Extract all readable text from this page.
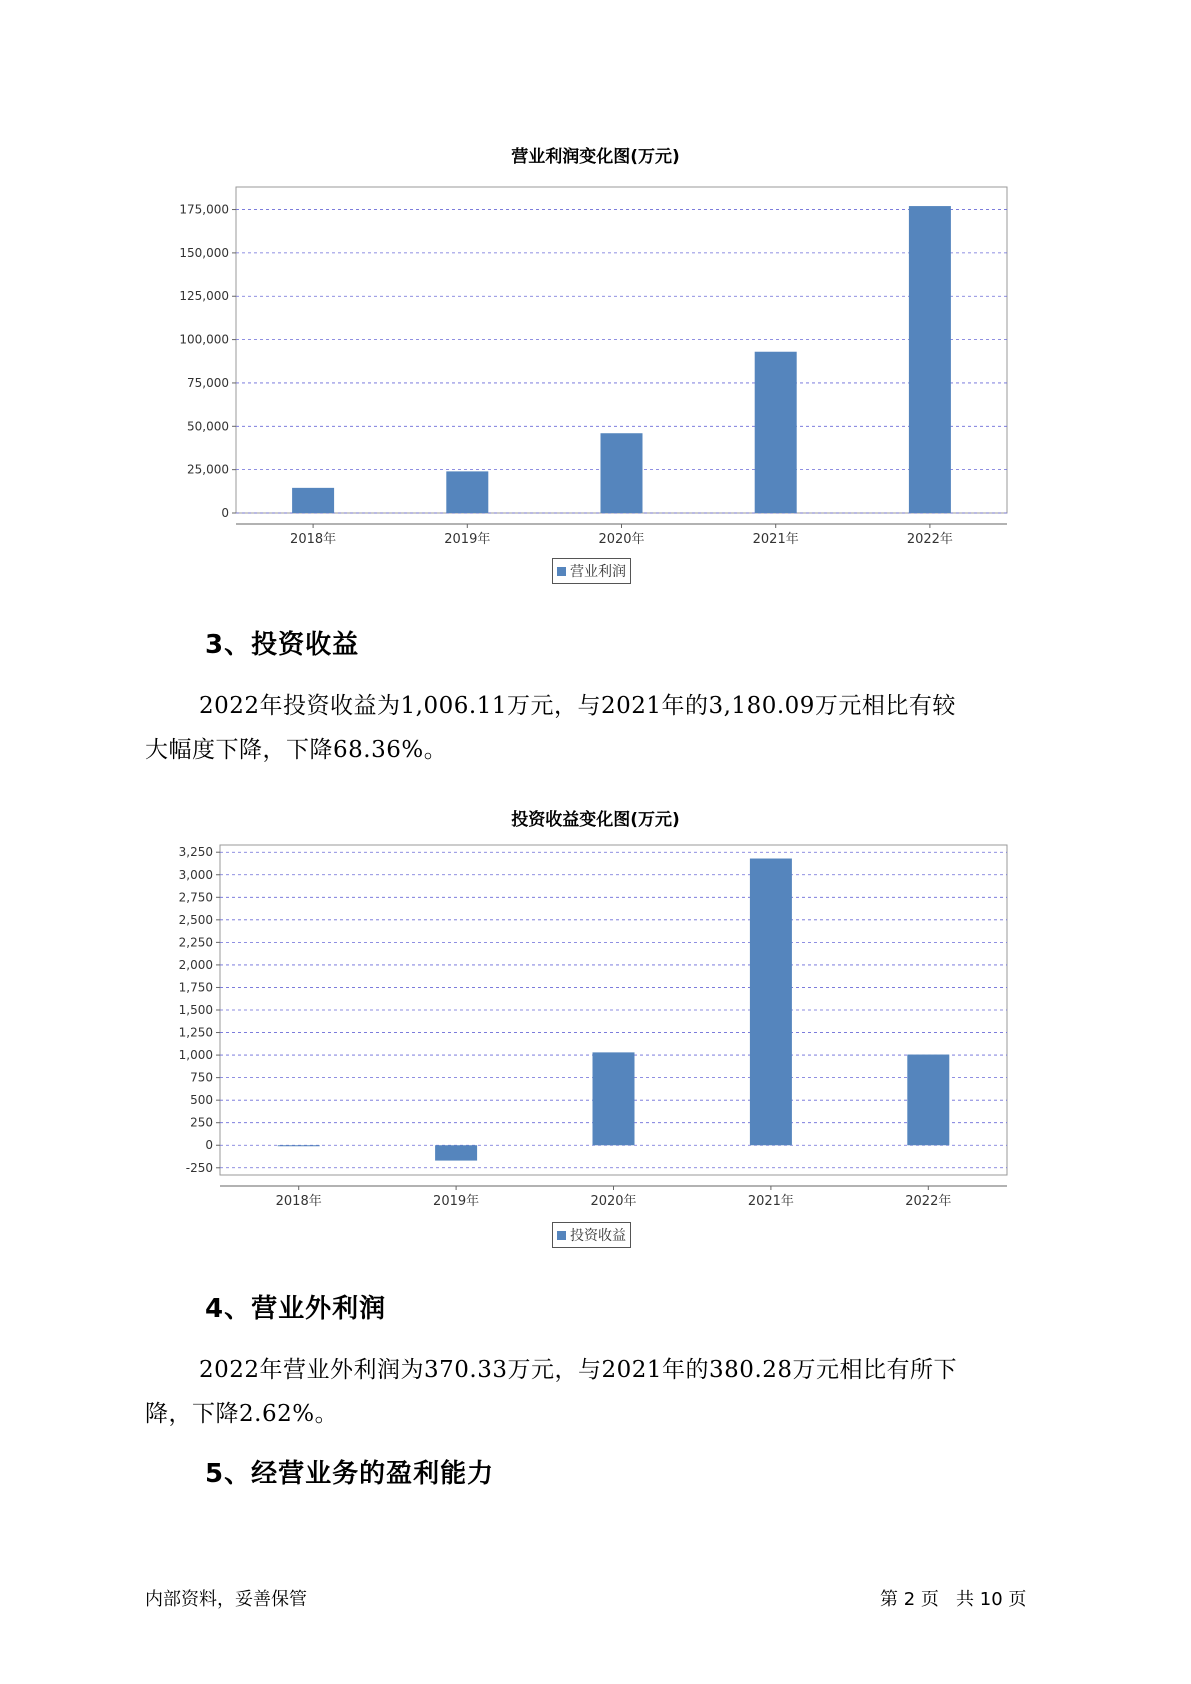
营业利润变化图(万元)
0
25,000
50,000
75,000
100,000
125,000
150,000
175,000
2018年	2019年	2020年	2021年	2022年
营业利润
3、投资收益
2022年投资收益为1,006.11万元，与2021年的3,180.09万元相比有较
大幅度下降，下降68.36%。
投资收益变化图(万元)
-250
0
250
500
750
1,000
1,250
1,500
1,750
2,000
2,250
2,500
2,750
3,000
3,250
2018年	2019年	2020年	2021年	2022年
投资收益
4、营业外利润
2022年营业外利润为370.33万元，与2021年的380.28万元相比有所下
降，下降2.62%。
5、经营业务的盈利能力
内部资料，妥善保管	第 2 页   共 10 页
